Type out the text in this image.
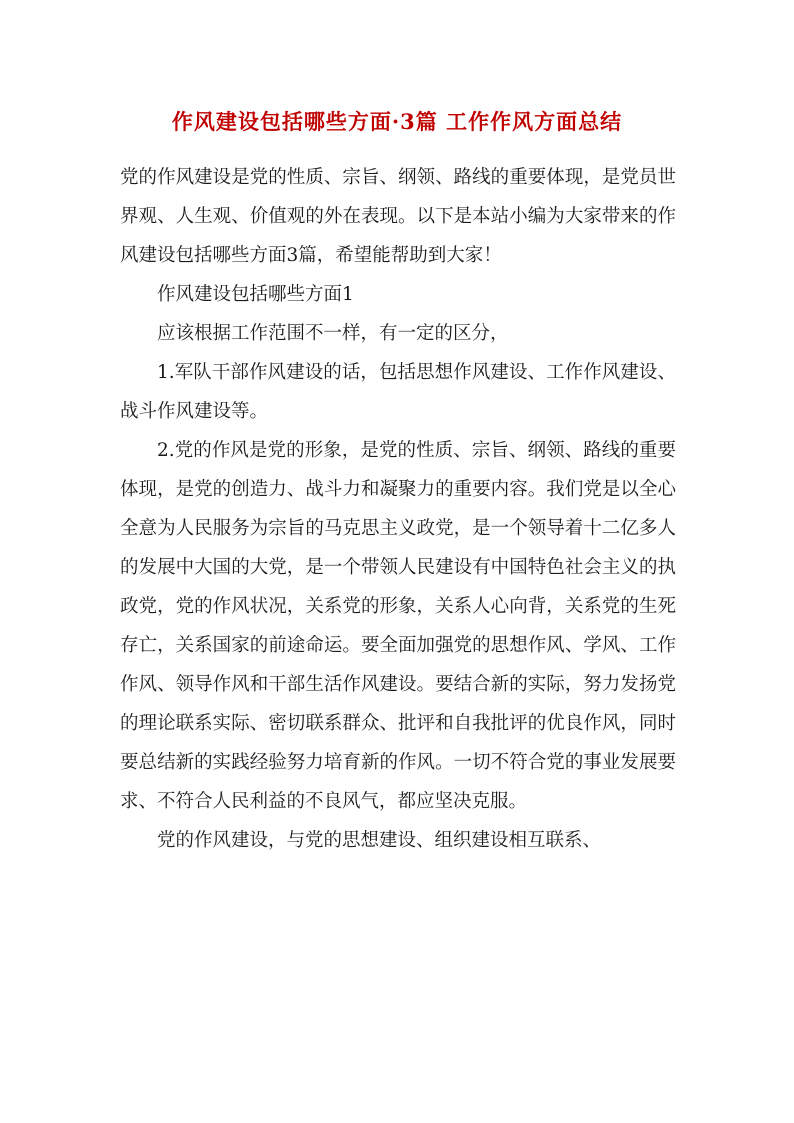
作风建设包括哪些方面·3篇 工作作风方面总结

党的作风建设是党的性质、宗旨、纲领、路线的重要体现，是党员世界观、人生观、价值观的外在表现。以下是本站小编为大家带来的作风建设包括哪些方面3篇，希望能帮助到大家！

作风建设包括哪些方面1

应该根据工作范围不一样，有一定的区分，

1.军队干部作风建设的话，包括思想作风建设、工作作风建设、战斗作风建设等。

2.党的作风是党的形象，是党的性质、宗旨、纲领、路线的重要体现，是党的创造力、战斗力和凝聚力的重要内容。我们党是以全心全意为人民服务为宗旨的马克思主义政党，是一个领导着十二亿多人的发展中大国的大党，是一个带领人民建设有中国特色社会主义的执政党，党的作风状况，关系党的形象，关系人心向背，关系党的生死存亡，关系国家的前途命运。要全面加强党的思想作风、学风、工作作风、领导作风和干部生活作风建设。要结合新的实际，努力发扬党的理论联系实际、密切联系群众、批评和自我批评的优良作风，同时要总结新的实践经验努力培育新的作风。一切不符合党的事业发展要求、不符合人民利益的不良风气，都应坚决克服。

党的作风建设，与党的思想建设、组织建设相互联系、
